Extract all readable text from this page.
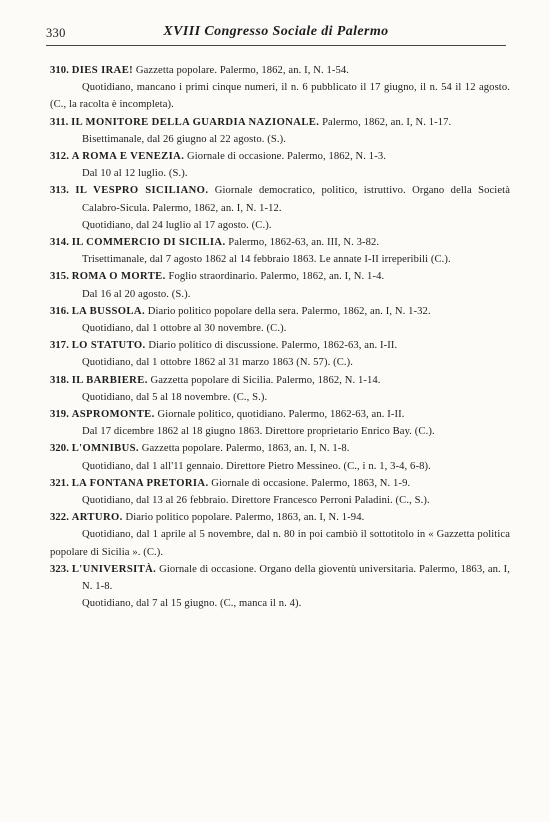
330	XVIII Congresso Sociale di Palermo

310. DIES IRAE! Gazzetta popolare. Palermo, 1862, an. I, N. 1-54.

Quotidiano, mancano i primi cinque numeri, il n. 6 pubblicato il 17 giugno, il n. 54 il 12 agosto. (C., la racolta è incompleta).

311. IL MONITORE DELLA GUARDIA NAZIONALE. Palermo, 1862, an. I, N. 1-17.

Bisettimanale, dal 26 giugno al 22 agosto. (S.).

312. A ROMA E VENEZIA. Giornale di occasione. Palermo, 1862, N. 1-3.

Dal 10 al 12 luglio. (S.).

313. IL VESPRO SICILIANO. Giornale democratico, politico, istruttivo. Organo della Società Calabro-Sicula. Palermo, 1862, an. I, N. 1-12.

Quotidiano, dal 24 luglio al 17 agosto. (C.).

314. IL COMMERCIO DI SICILIA. Palermo, 1862-63, an. III, N. 3-82.

Trisettimanale, dal 7 agosto 1862 al 14 febbraio 1863. Le annate I-II irreperibili (C.).

315. ROMA O MORTE. Foglio straordinario. Palermo, 1862, an. I, N. 1-4.

Dal 16 al 20 agosto. (S.).

316. LA BUSSOLA. Diario politico popolare della sera. Palermo, 1862, an. I, N. 1-32.

Quotidiano, dal 1 ottobre al 30 novembre. (C.).

317. LO STATUTO. Diario politico di discussione. Palermo, 1862-63, an. I-II.

Quotidiano, dal 1 ottobre 1862 al 31 marzo 1863 (N. 57). (C.).

318. IL BARBIERE. Gazzetta popolare di Sicilia. Palermo, 1862, N. 1-14.

Quotidiano, dal 5 al 18 novembre. (C., S.).

319. ASPROMONTE. Giornale politico, quotidiano. Palermo, 1862-63, an. I-II.

Dal 17 dicembre 1862 al 18 giugno 1863. Direttore proprietario Enrico Bay. (C.).

320. L'OMNIBUS. Gazzetta popolare. Palermo, 1863, an. I, N. 1-8.

Quotidiano, dal 1 all'11 gennaio. Direttore Pietro Messineo. (C., i n. 1, 3-4, 6-8).

321. LA FONTANA PRETORIA. Giornale di occasione. Palermo, 1863, N. 1-9.

Quotidiano, dal 13 al 26 febbraio. Direttore Francesco Perroni Paladini. (C., S.).

322. ARTURO. Diario politico popolare. Palermo, 1863, an. I, N. 1-94.

Quotidiano, dal 1 aprile al 5 novembre, dal n. 80 in poi cambiò il sottotitolo in « Gazzetta politica popolare di Sicilia ». (C.).

323. L'UNIVERSITÀ. Giornale di occasione. Organo della gioventù universitaria. Palermo, 1863, an. I, N. 1-8.

Quotidiano, dal 7 al 15 giugno. (C., manca il n. 4).
